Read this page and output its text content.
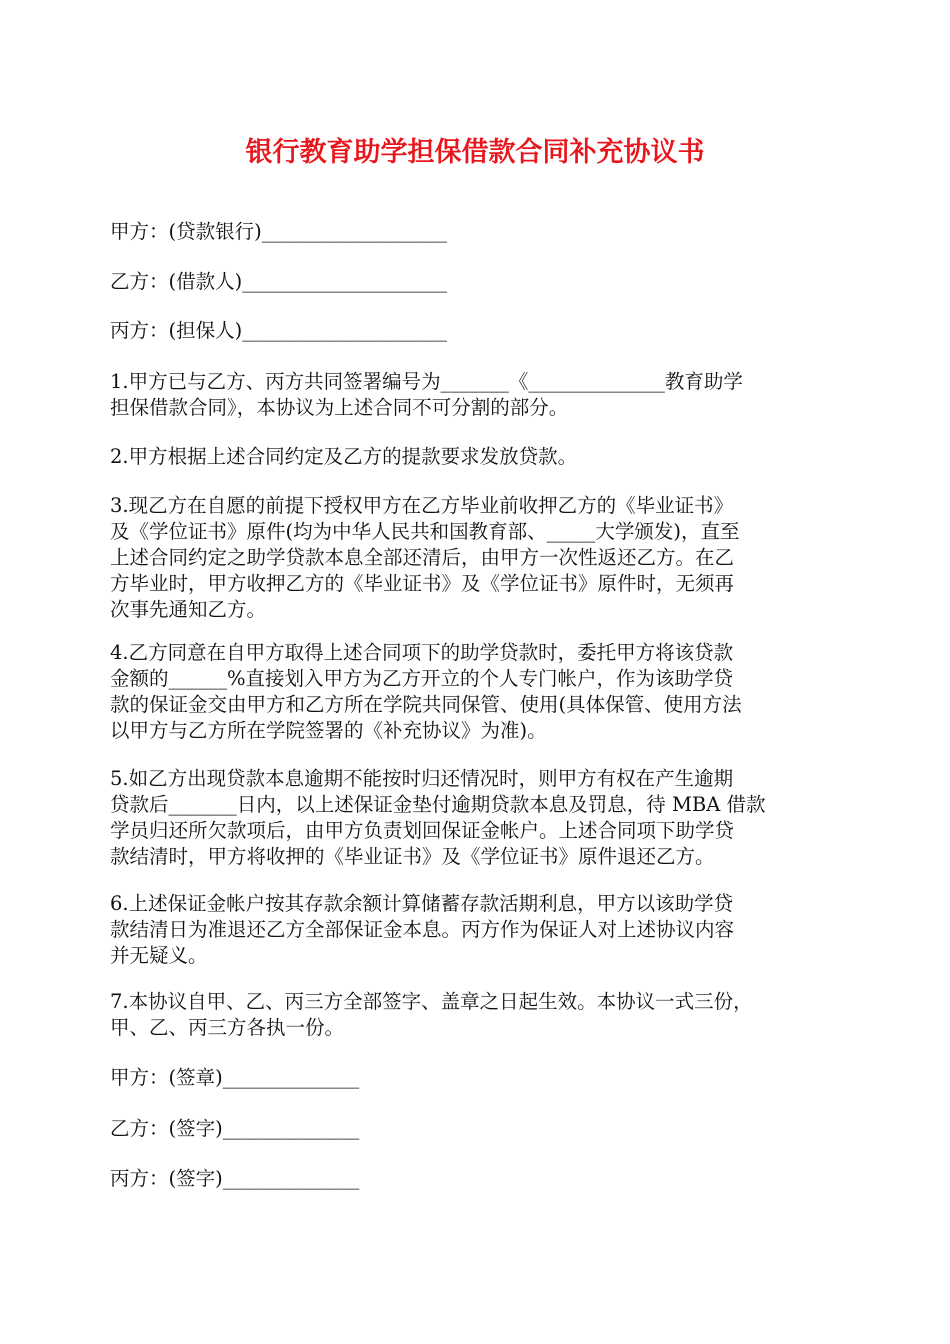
银行教育助学担保借款合同补充协议书
甲方：(贷款银行)___________________
乙方：(借款人)_____________________
丙方：(担保人)_____________________

1.甲方已与乙方、丙方共同签署编号为_______《______________教育助学

担保借款合同》，本协议为上述合同不可分割的部分。

2.甲方根据上述合同约定及乙方的提款要求发放贷款。

3.现乙方在自愿的前提下授权甲方在乙方毕业前收押乙方的《毕业证书》

及《学位证书》原件(均为中华人民共和国教育部、_____大学颁发)，直至

上述合同约定之助学贷款本息全部还清后，由甲方一次性返还乙方。在乙

方毕业时，甲方收押乙方的《毕业证书》及《学位证书》原件时，无须再

次事先通知乙方。

4.乙方同意在自甲方取得上述合同项下的助学贷款时，委托甲方将该贷款

金额的______%直接划入甲方为乙方开立的个人专门帐户，作为该助学贷

款的保证金交由甲方和乙方所在学院共同保管、使用(具体保管、使用方法

以甲方与乙方所在学院签署的《补充协议》为准)。

5.如乙方出现贷款本息逾期不能按时归还情况时，则甲方有权在产生逾期

贷款后_______日内，以上述保证金垫付逾期贷款本息及罚息，待 MBA 借款

学员归还所欠款项后，由甲方负责划回保证金帐户。上述合同项下助学贷

款结清时，甲方将收押的《毕业证书》及《学位证书》原件退还乙方。

6.上述保证金帐户按其存款余额计算储蓄存款活期利息，甲方以该助学贷

款结清日为准退还乙方全部保证金本息。丙方作为保证人对上述协议内容

并无疑义。

7.本协议自甲、乙、丙三方全部签字、盖章之日起生效。本协议一式三份，

甲、乙、丙三方各执一份。

甲方：(签章)______________
乙方：(签字)______________
丙方：(签字)______________
